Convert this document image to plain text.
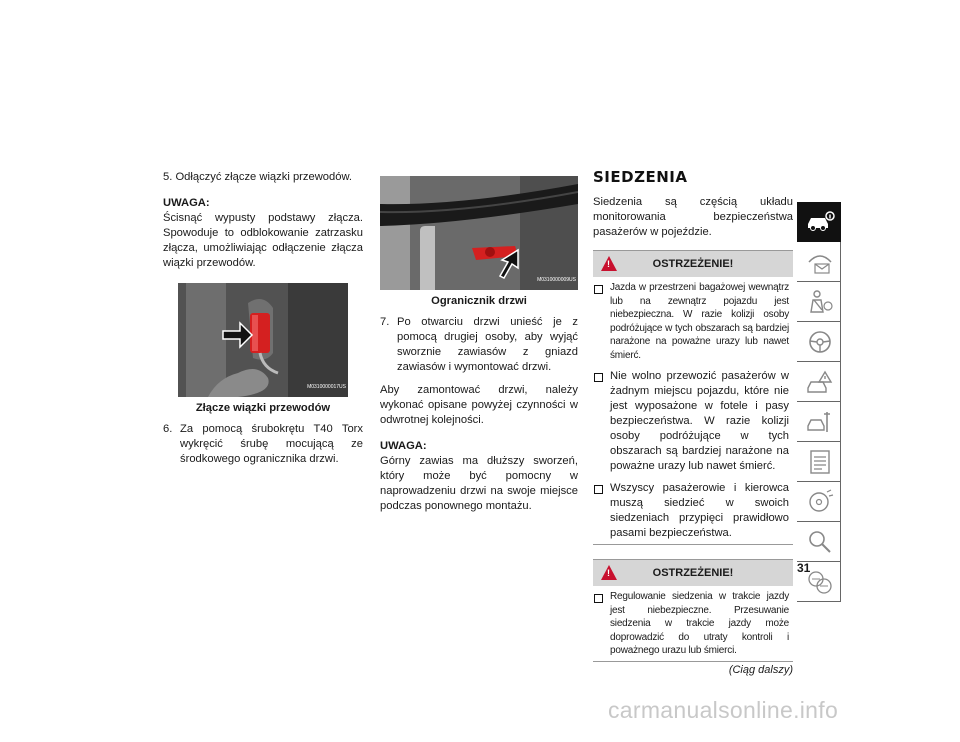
5. Odłączyć złącze wiązki przewodów.

UWAGA:

Ścisnąć wypusty podstawy złącza. Spowoduje to odblokowanie zatrzasku złącza, umożliwiając odłączenie złącza wiązki przewodów.

M0310000017US
Złącze wiązki przewodów
6. Za pomocą śrubokrętu T40 Torx wykręcić śrubę mocującą ze środkowego ogranicznika drzwi.
M0310000009US
Ogranicznik drzwi
7. Po otwarciu drzwi unieść je z pomocą drugiej osoby, aby wyjąć sworznie zawiasów z gniazd zawiasów i wymontować drzwi.

Aby zamontować drzwi, należy wykonać opisane powyżej czynności w odwrotnej kolejności.

UWAGA:

Górny zawias ma dłuższy sworzeń, który może być pomocny w naprowadzeniu drzwi na swoje miejsce podczas ponownego montażu.

SIEDZENIA

Siedzenia są częścią układu monitorowania bezpieczeństwa pasażerów w pojeździe.

!	OSTRZEŻENIE!
Jazda w przestrzeni bagażowej wewnątrz lub na zewnątrz pojazdu jest niebezpieczna. W razie kolizji osoby podróżujące w tych obszarach są bardziej narażone na poważne urazy lub nawet śmierć.
Nie wolno przewozić pasażerów w żadnym miejscu pojazdu, które nie jest wyposażone w fotele i pasy bezpieczeństwa. W razie kolizji osoby podróżujące w tych obszarach są bardziej narażone na poważne urazy lub nawet śmierć.
Wszyscy pasażerowie i kierowca muszą siedzieć w swoich siedzeniach przypięci prawidłowo pasami bezpieczeństwa.
!	OSTRZEŻENIE!
Regulowanie siedzenia w trakcie jazdy jest niebezpieczne. Przesuwanie siedzenia w trakcie jazdy może doprowadzić do utraty kontroli i poważnego urazu lub śmierci.
(Ciąg dalszy)
31
carmanualsonline.info
